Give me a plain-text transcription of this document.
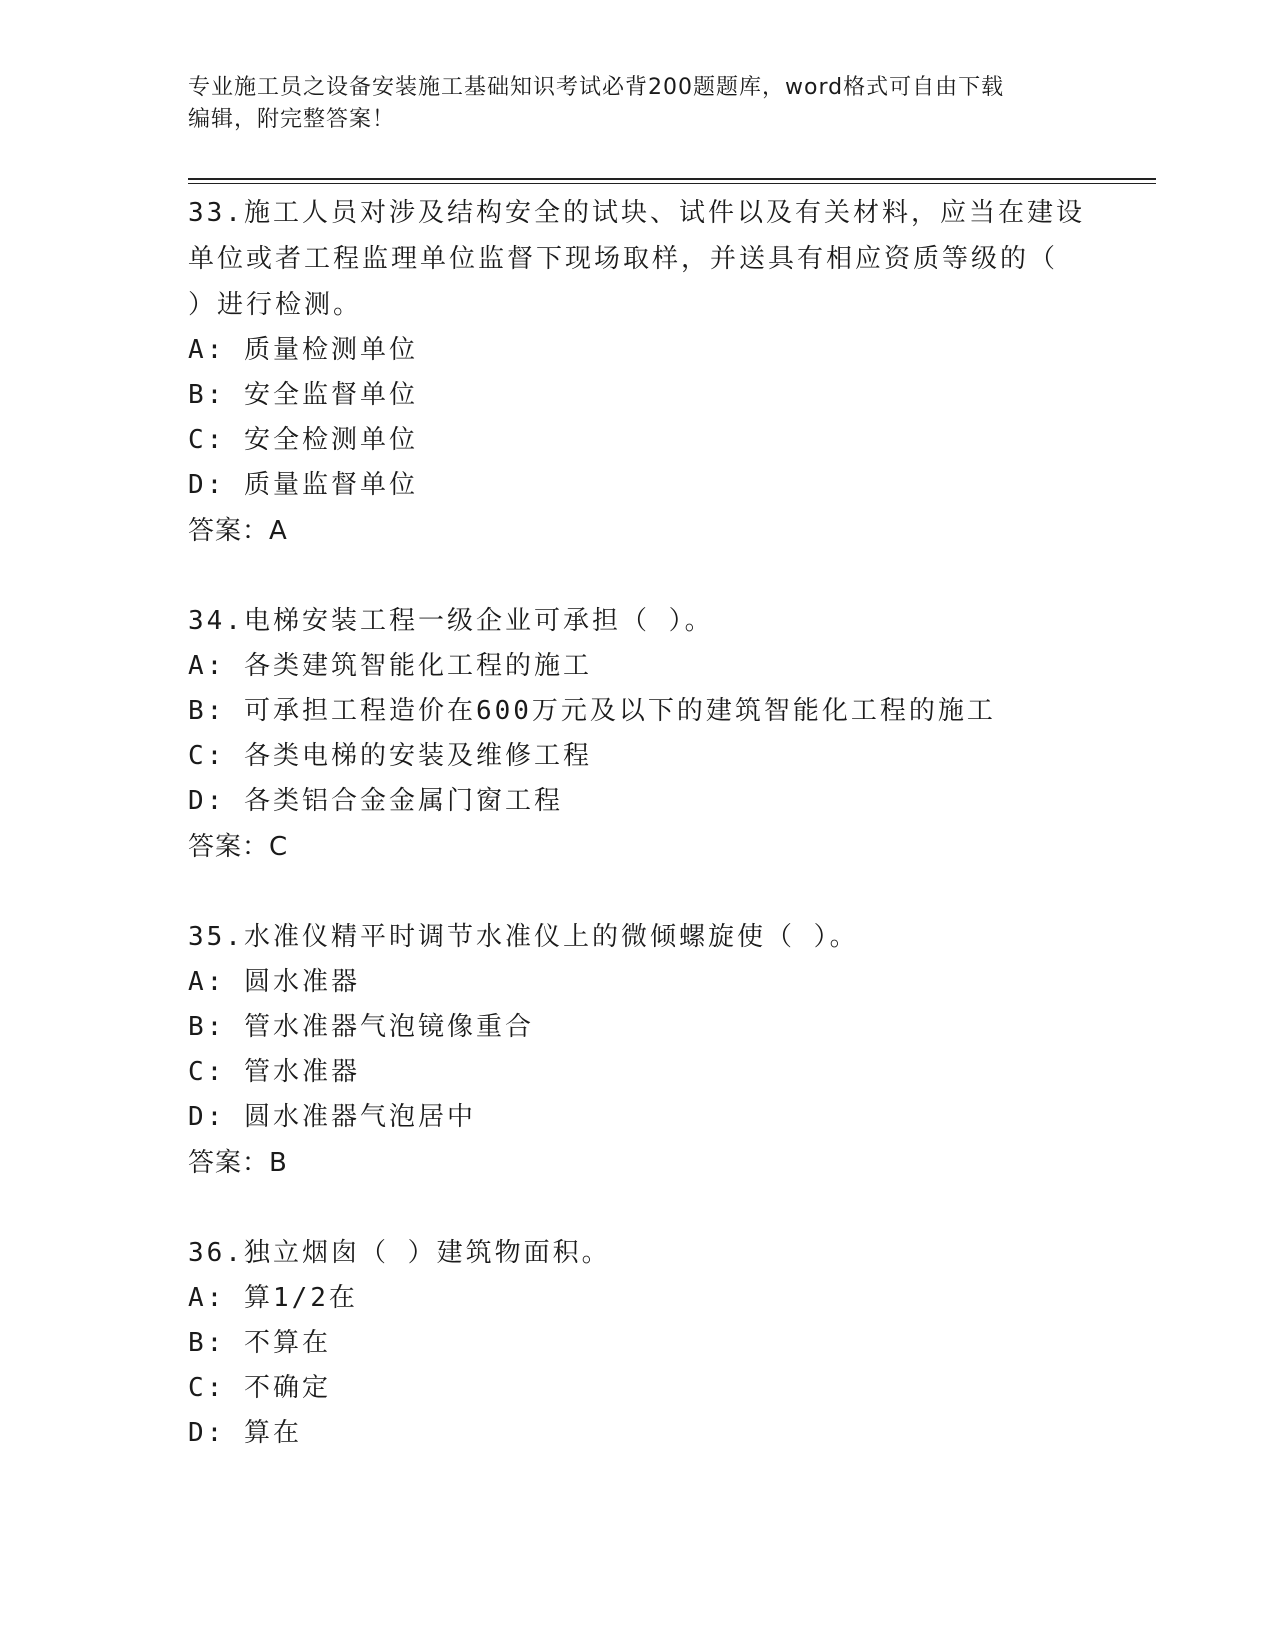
专业施工员之设备安装施工基础知识考试必背200题题库，word格式可自由下载
编辑，附完整答案！

33.施工人员对涉及结构安全的试块、试件以及有关材料，应当在建设单位或者工程监理单位监督下现场取样，并送具有相应资质等级的（ ）进行检测。

A: 质量检测单位

B: 安全监督单位

C: 安全检测单位

D: 质量监督单位

答案：A

34.电梯安装工程一级企业可承担（ ）。

A: 各类建筑智能化工程的施工

B: 可承担工程造价在600万元及以下的建筑智能化工程的施工

C: 各类电梯的安装及维修工程

D: 各类铝合金金属门窗工程

答案：C

35.水准仪精平时调节水准仪上的微倾螺旋使（ ）。

A: 圆水准器

B: 管水准器气泡镜像重合

C: 管水准器

D: 圆水准器气泡居中

答案：B

36.独立烟囱（ ）建筑物面积。

A: 算1/2在

B: 不算在

C: 不确定

D: 算在
